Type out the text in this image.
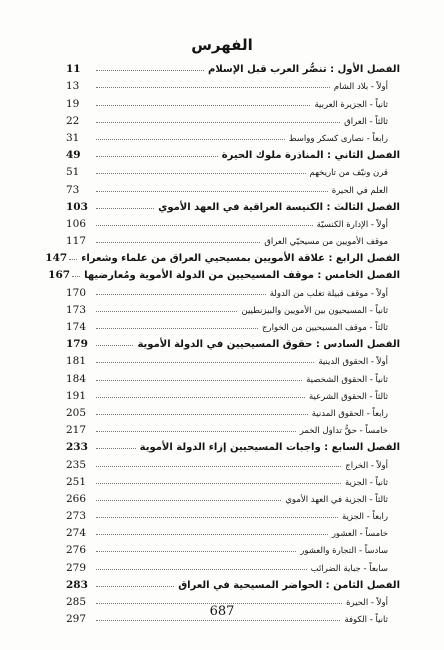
الفهرس
الفصل الأول : تنصُّر العرب قبل الإسلام
11
أولاً - بلاد الشام
13
ثانياً - الجزيرة العربية
19
ثالثاً - العراق
22
رابعاً - نصارى كسكر وواسط
31
الفصل الثاني : المناذرة ملوك الحيرة
49
قرن ونيّف من تاريخهم
51
العلم في الحيرة
73
الفصل الثالث : الكنيسة العراقية في العهد الأموي
103
أولاً - الإدارة الكنسيّة
106
موقف الأمويين من مسيحيّي العراق
117
الفصل الرابع : علاقة الأمويين بمسيحيي العراق من علماء وشعراء
147
الفصل الخامس : موقف المسيحيين من الدولة الأموية ومُعارضيها
167
أولاً - موقف قبيلة تغلب من الدولة
170
ثانياً - المسيحيون بين الأمويين والبيزنطيين
173
ثالثاً - موقف المسيحيين من الخوارج
174
الفصل السادس : حقوق المسيحيين في الدولة الأموية
179
أولاً - الحقوق الدينية
181
ثانياً - الحقوق الشخصية
184
ثالثاً - الحقوق الشرعية
191
رابعاً - الحقوق المدنية
205
خامساً - حقُّ تداول الخمر
217
الفصل السابع : واجبات المسيحيين إزاء الدولة الأموية
233
أولاً - الخراج
235
ثانياً - الجزية
251
ثالثاً - الجزية في العهد الأموي
266
رابعاً - الجزية
273
خامساً - العشور
274
سادساً - التجارة والعشور
276
سابعاً - جباية الضرائب
279
الفصل الثامن : الحواضر المسيحية في العراق
283
أولاً - الحيرة
285
ثانياً - الكوفة
297
687
